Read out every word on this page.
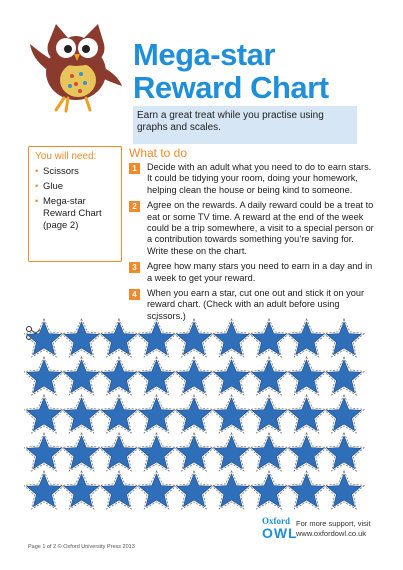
Mega-star
Reward Chart
Earn a great treat while you practise using graphs and scales.
You will need:
• Scissors
• Glue
• Mega-star Reward Chart (page 2)
What to do
1	Decide with an adult what you need to do to earn stars. It could be tidying your room, doing your homework, helping clean the house or being kind to someone.
2	Agree on the rewards. A daily reward could be a treat to eat or some TV time. A reward at the end of the week could be a trip somewhere, a visit to a special person or a contribution towards something you’re saving for. Write these on the chart.
3	Agree how many stars you need to earn in a day and in a week to get your reward.
4	When you earn a star, cut one out and stick it on your reward chart. (Check with an adult before using scissors.)
Oxford
OWL
For more support, visit
www.oxfordowl.co.uk
Page 1 of 2 © Oxford University Press 2013
